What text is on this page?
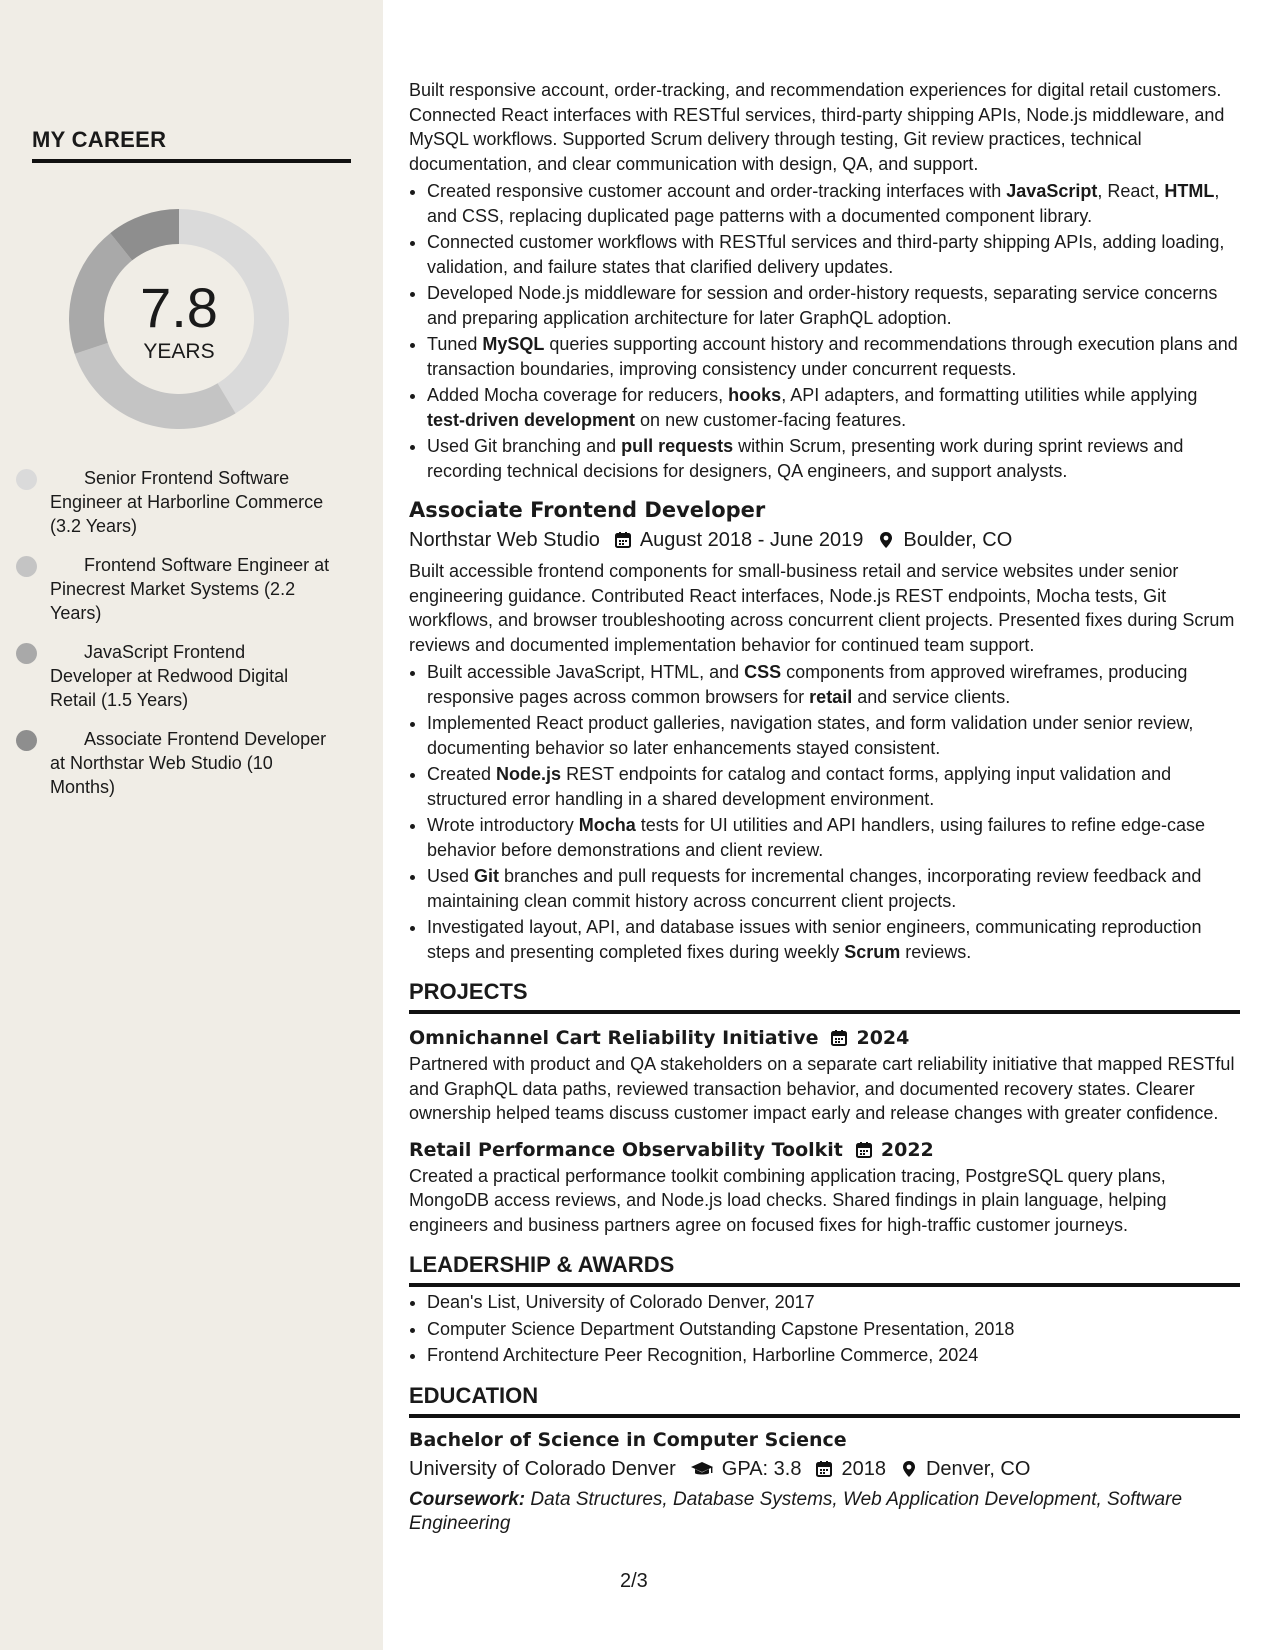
MY CAREER
7.8
YEARS
Senior Frontend Software Engineer at Harborline Commerce (3.2 Years)
Frontend Software Engineer at Pinecrest Market Systems (2.2 Years)
JavaScript Frontend Developer at Redwood Digital Retail (1.5 Years)
Associate Frontend Developer at Northstar Web Studio (10 Months)

Built responsive account, order-tracking, and recommendation experiences for digital retail customers. Connected React interfaces with RESTful services, third-party shipping APIs, Node.js middleware, and MySQL workflows. Supported Scrum delivery through testing, Git review practices, technical documentation, and clear communication with design, QA, and support.

• Created responsive customer account and order-tracking interfaces with JavaScript, React, HTML, and CSS, replacing duplicated page patterns with a documented component library.
• Connected customer workflows with RESTful services and third-party shipping APIs, adding loading, validation, and failure states that clarified delivery updates.
• Developed Node.js middleware for session and order-history requests, separating service concerns and preparing application architecture for later GraphQL adoption.
• Tuned MySQL queries supporting account history and recommendations through execution plans and transaction boundaries, improving consistency under concurrent requests.
• Added Mocha coverage for reducers, hooks, API adapters, and formatting utilities while applying test-driven development on new customer-facing features.
• Used Git branching and pull requests within Scrum, presenting work during sprint reviews and recording technical decisions for designers, QA engineers, and support analysts.
Associate Frontend Developer
Northstar Web Studio August 2018 - June 2019 Boulder, CO

Built accessible frontend components for small-business retail and service websites under senior engineering guidance. Contributed React interfaces, Node.js REST endpoints, Mocha tests, Git workflows, and browser troubleshooting across concurrent client projects. Presented fixes during Scrum reviews and documented implementation behavior for continued team support.

• Built accessible JavaScript, HTML, and CSS components from approved wireframes, producing responsive pages across common browsers for retail and service clients.
• Implemented React product galleries, navigation states, and form validation under senior review, documenting behavior so later enhancements stayed consistent.
• Created Node.js REST endpoints for catalog and contact forms, applying input validation and structured error handling in a shared development environment.
• Wrote introductory Mocha tests for UI utilities and API handlers, using failures to refine edge-case behavior before demonstrations and client review.
• Used Git branches and pull requests for incremental changes, incorporating review feedback and maintaining clean commit history across concurrent client projects.
• Investigated layout, API, and database issues with senior engineers, communicating reproduction steps and presenting completed fixes during weekly Scrum reviews.
PROJECTS
Omnichannel Cart Reliability Initiative 2024

Partnered with product and QA stakeholders on a separate cart reliability initiative that mapped RESTful and GraphQL data paths, reviewed transaction behavior, and documented recovery states. Clearer ownership helped teams discuss customer impact early and release changes with greater confidence.

Retail Performance Observability Toolkit 2022

Created a practical performance toolkit combining application tracing, PostgreSQL query plans, MongoDB access reviews, and Node.js load checks. Shared findings in plain language, helping engineers and business partners agree on focused fixes for high-traffic customer journeys.

LEADERSHIP & AWARDS
• Dean's List, University of Colorado Denver, 2017
• Computer Science Department Outstanding Capstone Presentation, 2018
• Frontend Architecture Peer Recognition, Harborline Commerce, 2024
EDUCATION
Bachelor of Science in Computer Science
University of Colorado Denver GPA: 3.8 2018 Denver, CO
Coursework: Data Structures, Database Systems, Web Application Development, Software Engineering
2/3
